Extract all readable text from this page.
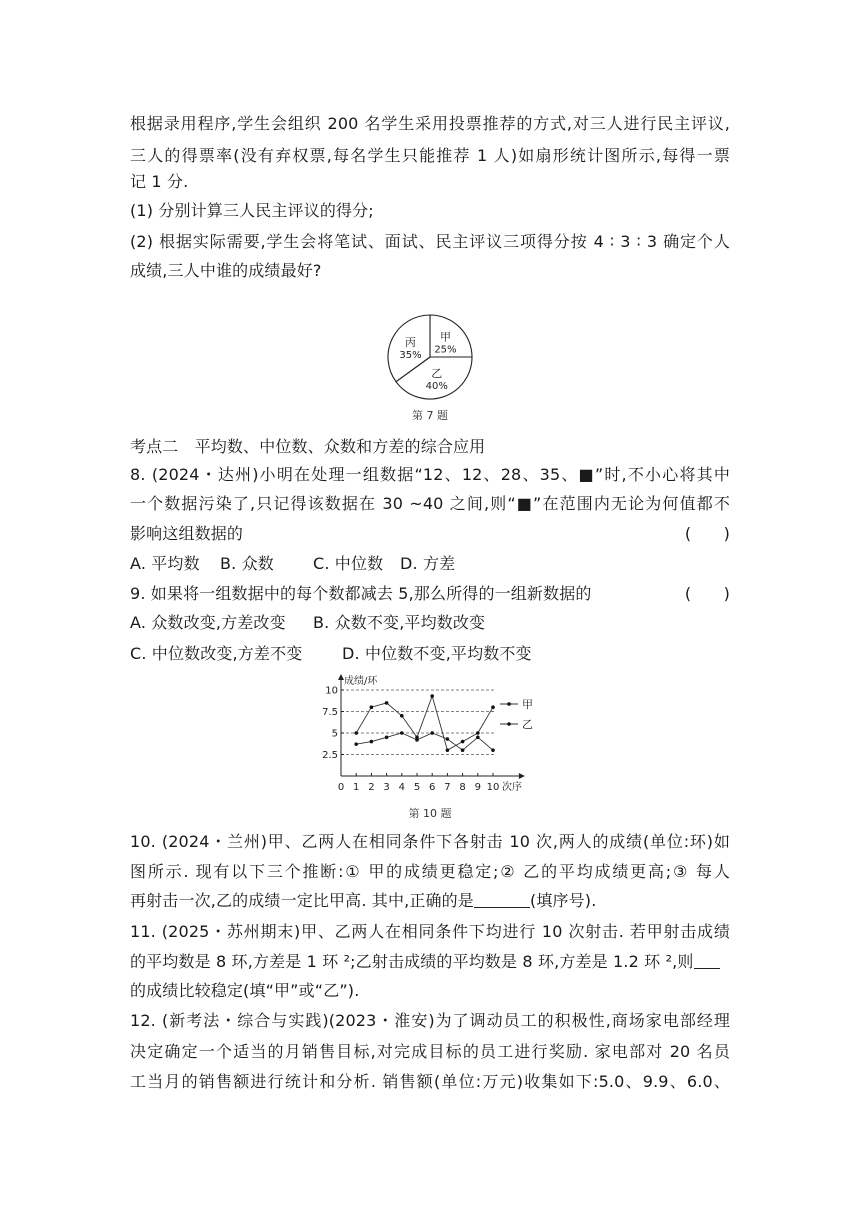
根据录用程序,学生会组织 200 名学生采用投票推荐的方式,对三人进行民主评议,
三人的得票率(没有弃权票,每名学生只能推荐 1 人)如扇形统计图所示,每得一票
记 1 分.
(1) 分别计算三人民主评议的得分;
(2) 根据实际需要,学生会将笔试、面试、民主评议三项得分按 4 ∶ 3 ∶ 3 确定个人
成绩,三人中谁的成绩最好?
甲
25%
乙
40%
丙
35%
第 7 题
考点二　平均数、中位数、众数和方差的综合应用
8. (2024・达州)小明在处理一组数据“12、12、28、35、■”时,不小心将其中
一个数据污染了,只记得该数据在 30 ~40 之间,则“■”在范围内无论为何值都不
影响这组数据的	(　　)
A. 平均数 B. 众数 C. 中位数 D. 方差
9. 如果将一组数据中的每个数都减去 5,那么所得的一组新数据的	(　　)
A. 众数改变,方差改变 B. 众数不变,平均数改变
C. 中位数改变,方差不变 D. 中位数不变,平均数不变
2.5
5
7.5
10
0 1 2 3 4 5 6 7 8 9 10 次序
成绩/环
甲
乙
第 10 题
10. (2024・兰州)甲、乙两人在相同条件下各射击 10 次,两人的成绩(单位:环)如
图所示. 现有以下三个推断:① 甲的成绩更稳定;② 乙的平均成绩更高;③ 每人
再射击一次,乙的成绩一定比甲高. 其中,正确的是	(填序号).
11. (2025・苏州期末)甲、乙两人在相同条件下均进行 10 次射击. 若甲射击成绩
的平均数是 8 环,方差是 1 环 ²;乙射击成绩的平均数是 8 环,方差是 1.2 环 ²,则
的成绩比较稳定(填“甲”或“乙”).
12. (新考法・综合与实践)(2023・淮安)为了调动员工的积极性,商场家电部经理
决定确定一个适当的月销售目标,对完成目标的员工进行奖励. 家电部对 20 名员
工当月的销售额进行统计和分析. 销售额(单位:万元)收集如下:5.0、9.9、6.0、
